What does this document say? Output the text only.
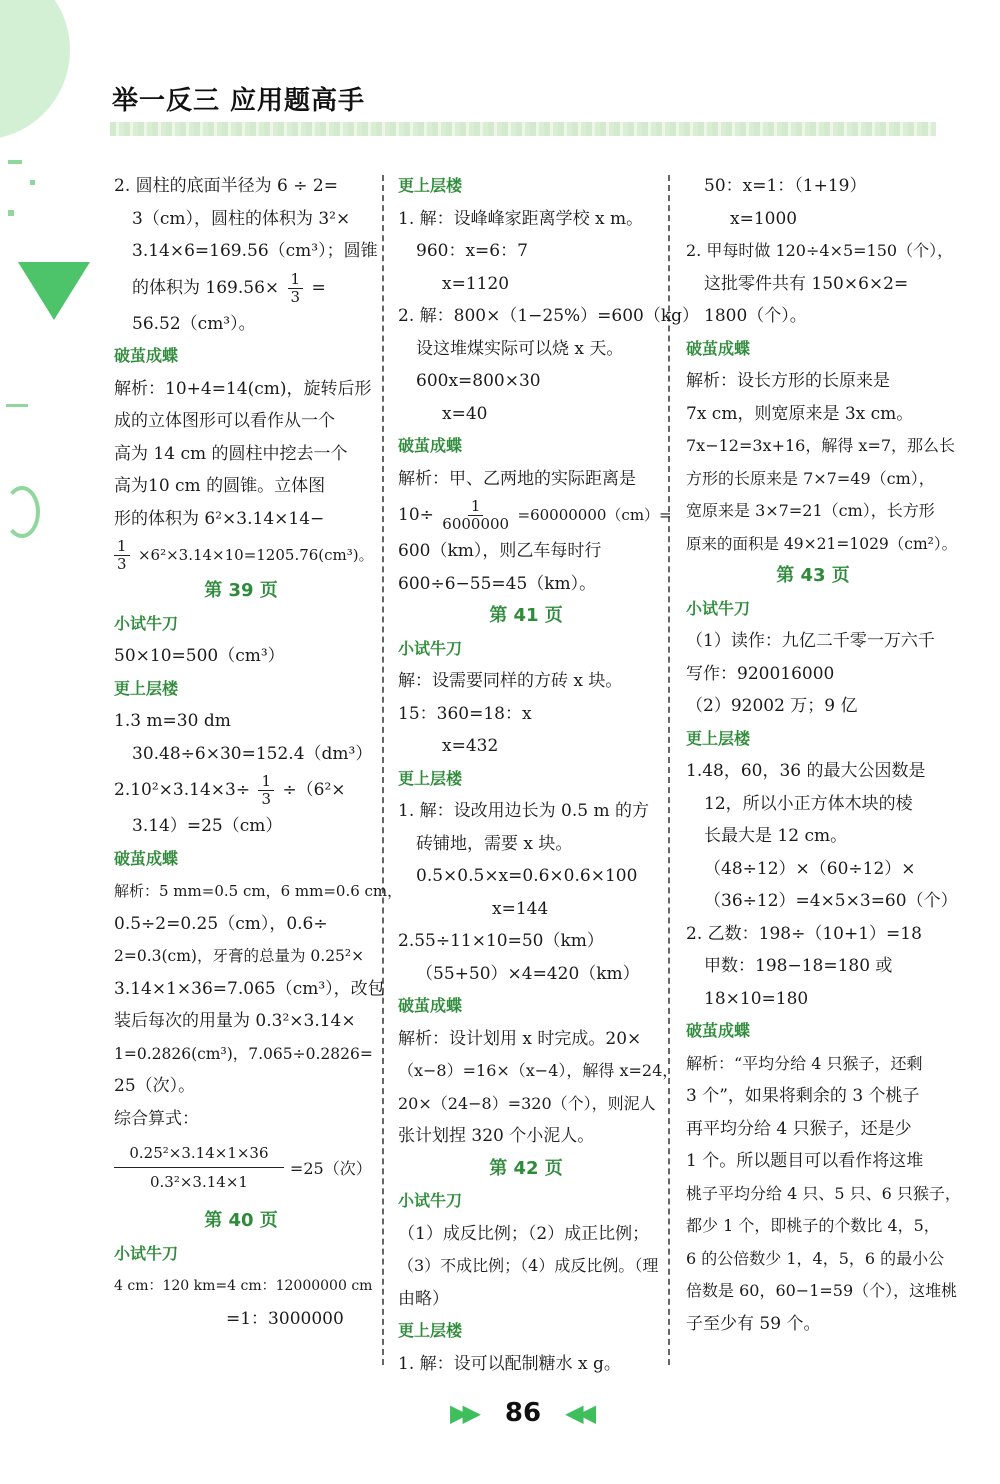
举一反三 应用题高手
2. 圆柱的底面半径为 6 ÷ 2=
3（cm），圆柱的体积为 3²×
3.14×6=169.56（cm³）；圆锥
的体积为 $169.56\times \frac{1}{3}$ =
56.52（cm³）。
破茧成蝶
解析：10+4=14(cm)，旋转后形
成的立体图形可以看作从一个
高为 14 cm 的圆柱中挖去一个
高为10 cm 的圆锥。立体图
形的体积为 6²×3.14×14−
$\frac{1}{3} \times 6^2\times 3.14\times 10=1205.76(cm^3)$。
第 39 页
小试牛刀
50×10=500（cm³）
更上层楼
1.3 m=30 dm
30.48÷6×30=152.4（dm³）
$2.10^2\times 3.14\times 3\div \frac{1}{3} \div(6^2\times$
3.14）=25（cm）
破茧成蝶
解析：5 mm=0.5 cm，6 mm=0.6 cm，
0.5÷2=0.25（cm），0.6÷
2=0.3(cm)，牙膏的总量为 0.25²×
3.14×1×36=7.065（cm³），改包
装后每次的用量为 0.3²×3.14×
1=0.2826(cm³)，7.065÷0.2826=
25（次）。
综合算式：
$\frac{\text{0.25²×3.14×1×36}}{\text{0.3²×3.14×1}} =25$（次）
第 40 页
小试牛刀
4 cm：120 km=4 cm：12000000 cm
=1：3000000
更上层楼
1. 解：设峰峰家距离学校 x m。
960：x=6：7
x=1120
2. 解：800×（1−25%）=600（kg）
设这堆煤实际可以烧 x 天。
600x=800×30
x=40
破茧成蝶
解析：甲、乙两地的实际距离是
$10\div \frac{1}{6000000} =60000000(cm)=$
600（km），则乙车每时行
600÷6−55=45（km）。
第 41 页
小试牛刀
解：设需要同样的方砖 x 块。
15：360=18：x
x=432
更上层楼
1. 解：设改用边长为 0.5 m 的方
砖铺地，需要 x 块。
0.5×0.5×x=0.6×0.6×100
x=144
2.55÷11×10=50（km）
（55+50）×4=420（km）
破茧成蝶
解析：设计划用 x 时完成。20×
（x−8）=16×（x−4），解得 x=24，
20×（24−8）=320（个），则泥人
张计划捏 320 个小泥人。
第 42 页
小试牛刀
（1）成反比例；（2）成正比例；
（3）不成比例；（4）成反比例。（理
由略）
更上层楼
1. 解：设可以配制糖水 x g。
50：x=1：（1+19）
x=1000
2. 甲每时做 120÷4×5=150（个），
这批零件共有 150×6×2=
1800（个）。
破茧成蝶
解析：设长方形的长原来是
7x cm，则宽原来是 3x cm。
7x−12=3x+16，解得 x=7，那么长
方形的长原来是 7×7=49（cm），
宽原来是 3×7=21（cm），长方形
原来的面积是 49×21=1029（cm²）。
第 43 页
小试牛刀
（1）读作：九亿二千零一万六千
写作：920016000
（2）92002 万；9 亿
更上层楼
1.48，60，36 的最大公因数是
12，所以小正方体木块的棱
长最大是 12 cm。
（48÷12）×（60÷12）×
（36÷12）=4×5×3=60（个）
2. 乙数：198÷（10+1）=18
甲数：198−18=180 或
18×10=180
破茧成蝶
解析：“平均分给 4 只猴子，还剩
3 个”，如果将剩余的 3 个桃子
再平均分给 4 只猴子，还是少
1 个。所以题目可以看作将这堆
桃子平均分给 4 只、5 只、6 只猴子，
都少 1 个，即桃子的个数比 4，5，
6 的公倍数少 1，4，5，6 的最小公
倍数是 60，60−1=59（个），这堆桃
子至少有 59 个。
▶▶ 86 ◀◀
